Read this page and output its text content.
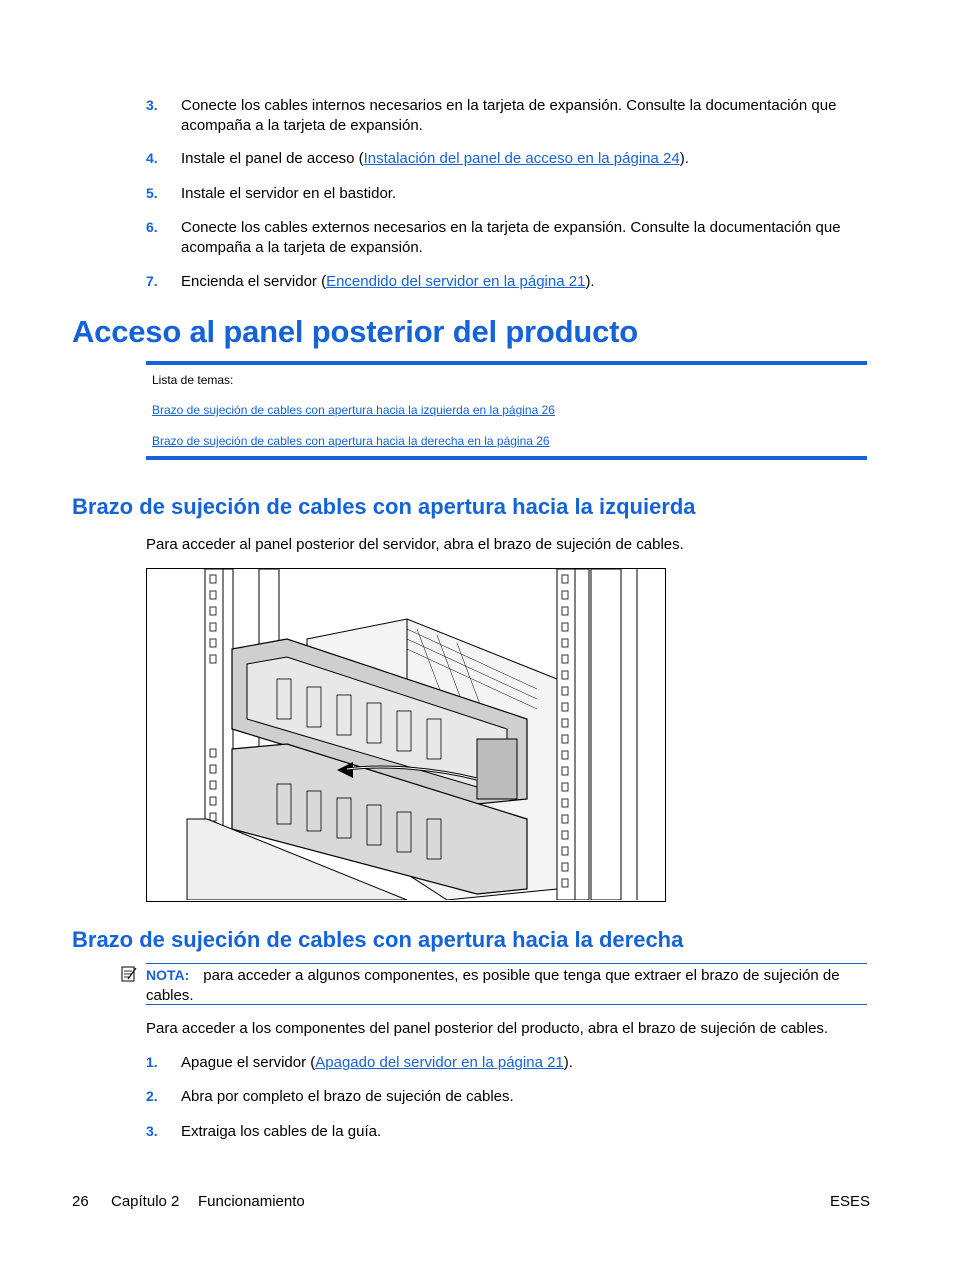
3.	Conecte los cables internos necesarios en la tarjeta de expansión. Consulte la documentación que acompaña a la tarjeta de expansión.
4.	Instale el panel de acceso (Instalación del panel de acceso en la página 24).
5.	Instale el servidor en el bastidor.
6.	Conecte los cables externos necesarios en la tarjeta de expansión. Consulte la documentación que acompaña a la tarjeta de expansión.
7.	Encienda el servidor (Encendido del servidor en la página 21).
Acceso al panel posterior del producto
Lista de temas:
Brazo de sujeción de cables con apertura hacia la izquierda en la página 26
Brazo de sujeción de cables con apertura hacia la derecha en la página 26
Brazo de sujeción de cables con apertura hacia la izquierda
Para acceder al panel posterior del servidor, abra el brazo de sujeción de cables.
Brazo de sujeción de cables con apertura hacia la derecha
NOTA: para acceder a algunos componentes, es posible que tenga que extraer el brazo de sujeción de cables.
Para acceder a los componentes del panel posterior del producto, abra el brazo de sujeción de cables.
1.	Apague el servidor (Apagado del servidor en la página 21).
2.	Abra por completo el brazo de sujeción de cables.
3.	Extraiga los cables de la guía.
26 Capítulo 2 Funcionamiento	ESES
